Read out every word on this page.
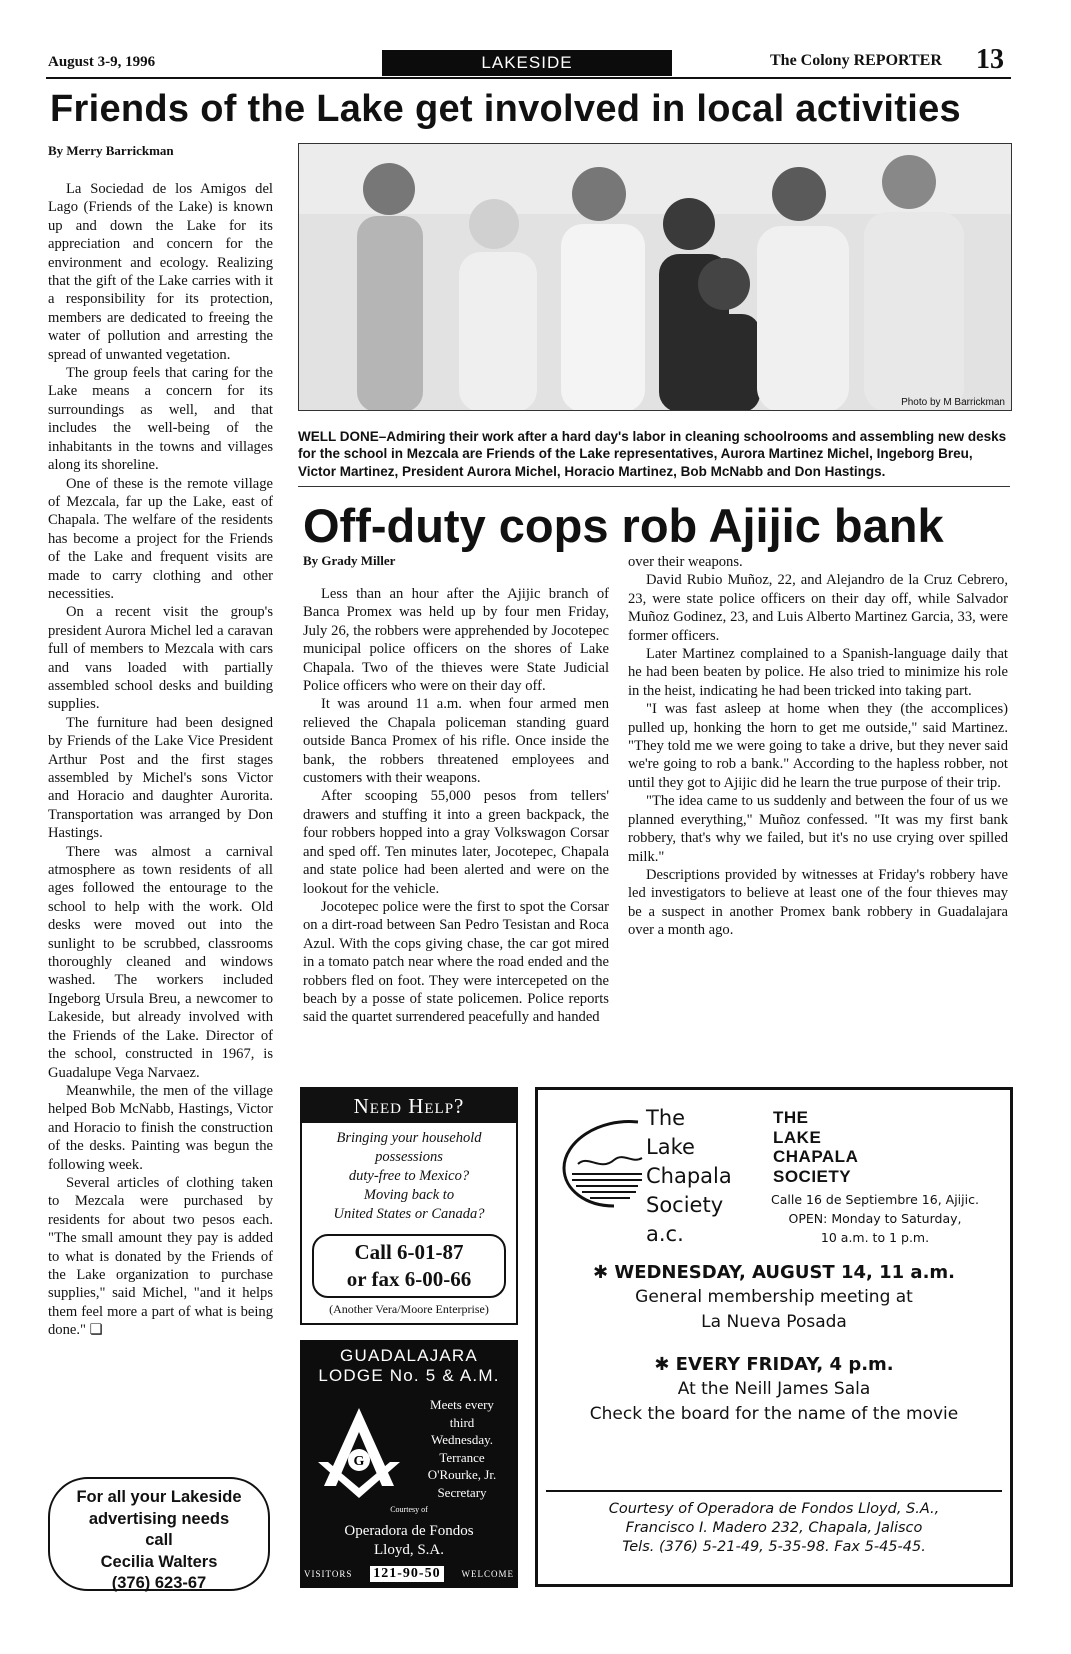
August 3-9, 1996	LAKESIDE	The Colony REPORTER 13
Friends of the Lake get involved in local activities
By Merry Barrickman

La Sociedad de los Amigos del Lago (Friends of the Lake) is known up and down the Lake for its appreciation and concern for the environment and ecology. Realizing that the gift of the Lake carries with it a responsibility for its protection, members are dedicated to freeing the water of pollution and arresting the spread of unwanted vegetation.

The group feels that caring for the Lake means a concern for its surroundings as well, and that includes the well-being of the inhabitants in the towns and villages along its shoreline.

One of these is the remote village of Mezcala, far up the Lake, east of Chapala. The welfare of the residents has become a project for the Friends of the Lake and frequent visits are made to carry clothing and other necessities.

On a recent visit the group's president Aurora Michel led a caravan full of members to Mezcala with cars and vans loaded with partially assembled school desks and building supplies.

The furniture had been designed by Friends of the Lake Vice President Arthur Post and the first stages assembled by Michel's sons Victor and Horacio and daughter Aurorita. Transportation was arranged by Don Hastings.

There was almost a carnival atmosphere as town residents of all ages followed the entourage to the school to help with the work. Old desks were moved out into the sunlight to be scrubbed, classrooms thoroughly cleaned and windows washed. The workers included Ingeborg Ursula Breu, a newcomer to Lakeside, but already involved with the Friends of the Lake. Director of the school, constructed in 1967, is Guadalupe Vega Narvaez.

Meanwhile, the men of the village helped Bob McNabb, Hastings, Victor and Horacio to finish the construction of the desks. Painting was begun the following week.

Several articles of clothing taken to Mezcala were purchased by residents for about two pesos each. "The small amount they pay is added to what is donated by the Friends of the Lake organization to purchase supplies," said Michel, "and it helps them feel more a part of what is being done." ❏

Photo by M Barrickman
WELL DONE–Admiring their work after a hard day's labor in cleaning schoolrooms and assembling new desks for the school in Mezcala are Friends of the Lake representatives, Aurora Martinez Michel, Ingeborg Breu, Victor Martinez, President Aurora Michel, Horacio Martinez, Bob McNabb and Don Hastings.
Off-duty cops rob Ajijic bank
By Grady Miller

Less than an hour after the Ajijic branch of Banca Promex was held up by four men Friday, July 26, the robbers were apprehended by Jocotepec municipal police officers on the shores of Lake Chapala. Two of the thieves were State Judicial Police officers who were on their day off.

It was around 11 a.m. when four armed men relieved the Chapala policeman standing guard outside Banca Promex of his rifle. Once inside the bank, the robbers threatened employees and customers with their weapons.

After scooping 55,000 pesos from tellers' drawers and stuffing it into a green backpack, the four robbers hopped into a gray Volkswagon Corsar and sped off. Ten minutes later, Jocotepec, Chapala and state police had been alerted and were on the lookout for the vehicle.

Jocotepec police were the first to spot the Corsar on a dirt-road between San Pedro Tesistan and Roca Azul. With the cops giving chase, the car got mired in a tomato patch near where the road ended and the robbers fled on foot. They were intercepeted on the beach by a posse of state policemen. Police reports said the quartet surrendered peacefully and handed

over their weapons.

David Rubio Muñoz, 22, and Alejandro de la Cruz Cebrero, 23, were state police officers on their day off, while Salvador Muñoz Godinez, 23, and Luis Alberto Martinez Garcia, 33, were former officers.

Later Martinez complained to a Spanish-language daily that he had been beaten by police. He also tried to minimize his role in the heist, indicating he had been tricked into taking part.

"I was fast asleep at home when they (the accomplices) pulled up, honking the horn to get me outside," said Martinez. "They told me we were going to take a drive, but they never said we're going to rob a bank." According to the hapless robber, not until they got to Ajijic did he learn the true purpose of their trip.

"The idea came to us suddenly and between the four of us we planned everything," Muñoz confessed. "It was my first bank robbery, that's why we failed, but it's no use crying over spilled milk."

Descriptions provided by witnesses at Friday's robbery have led investigators to believe at least one of the four thieves may be a suspect in another Promex bank robbery in Guadalajara over a month ago.

Need Help?
Bringing your household
possessions
duty-free to Mexico?
Moving back to
United States or Canada?
Call 6-01-87
or fax 6-00-66
(Another Vera/Moore Enterprise)
GUADALAJARA
LODGE No. 5 & A.M.
G
Meets every
third
Wednesday.
Terrance
O'Rourke, Jr.
Secretary
Courtesy of
Operadora de Fondos
Lloyd, S.A.
VISITORS 121-90-50	WELCOME
The
Lake
Chapala
Society
a.c.
THE
LAKE
CHAPALA
SOCIETY
Calle 16 de Septiembre 16, Ajijic.
OPEN: Monday to Saturday,
10 a.m. to 1 p.m.
✱ WEDNESDAY, AUGUST 14, 11 a.m.
General membership meeting at
La Nueva Posada
✱ EVERY FRIDAY, 4 p.m.
At the Neill James Sala
Check the board for the name of the movie
Courtesy of Operadora de Fondos Lloyd, S.A.,
Francisco I. Madero 232, Chapala, Jalisco
Tels. (376) 5-21-49, 5-35-98. Fax 5-45-45.
For all your Lakeside
advertising needs
call
Cecilia Walters
(376) 623-67
